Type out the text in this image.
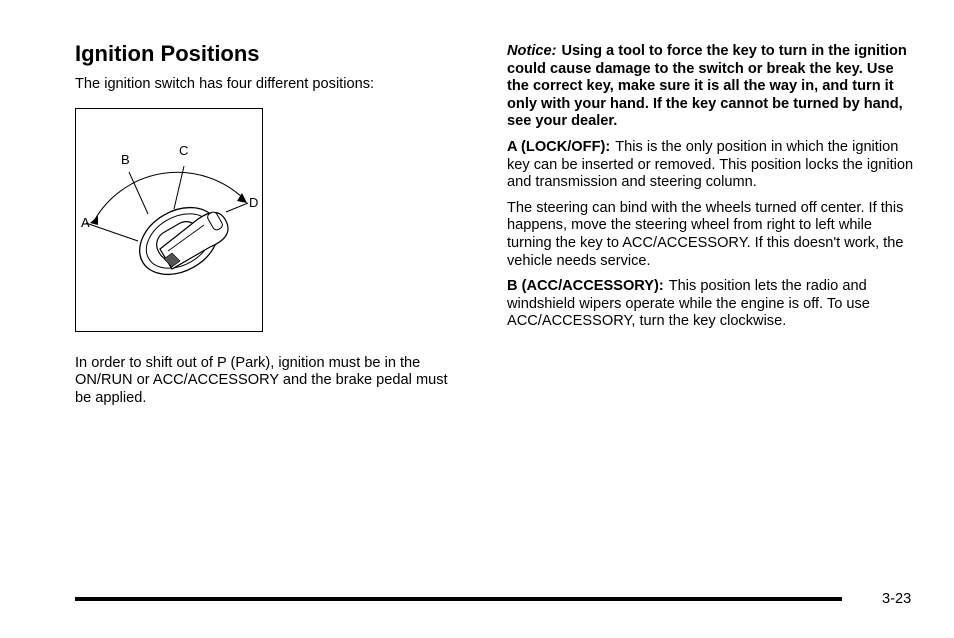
Ignition Positions

The ignition switch has four different positions:

A
B
C
D

In order to shift out of P (Park), ignition must be in the ON/RUN or ACC/ACCESSORY and the brake pedal must be applied.

Notice: Using a tool to force the key to turn in the ignition could cause damage to the switch or break the key. Use the correct key, make sure it is all the way in, and turn it only with your hand. If the key cannot be turned by hand, see your dealer.

A (LOCK/OFF): This is the only position in which the ignition key can be inserted or removed. This position locks the ignition and transmission and steering column.

The steering can bind with the wheels turned off center. If this happens, move the steering wheel from right to left while turning the key to ACC/ACCESSORY. If this doesn't work, the vehicle needs service.

B (ACC/ACCESSORY): This position lets the radio and windshield wipers operate while the engine is off. To use ACC/ACCESSORY, turn the key clockwise.

3-23
